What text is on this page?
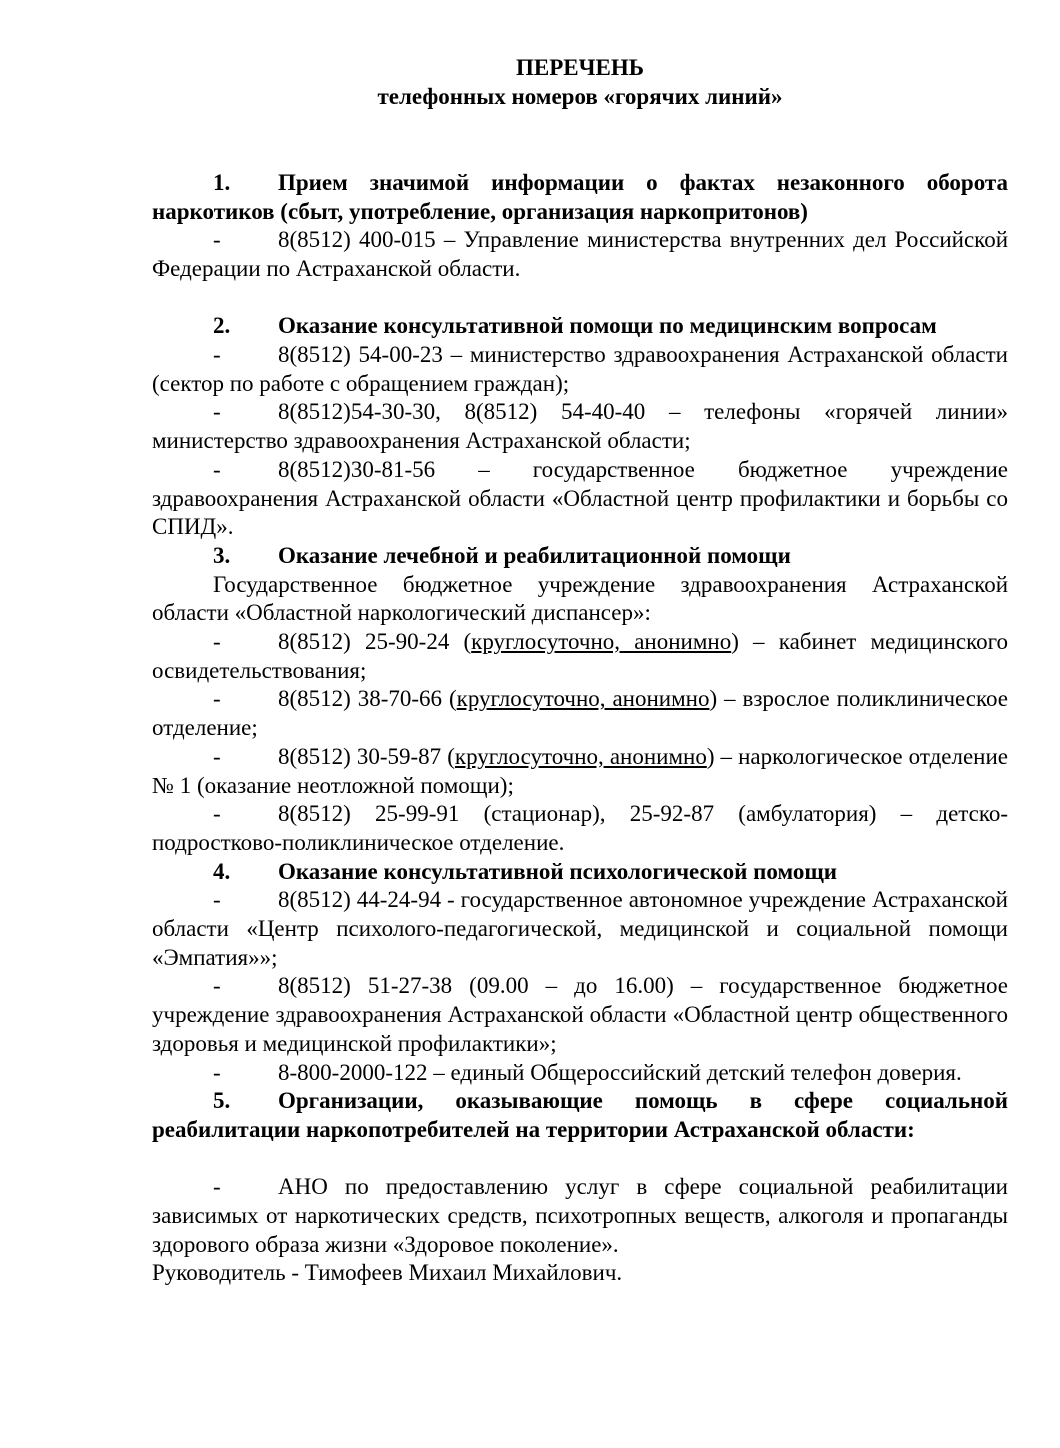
ПЕРЕЧЕНЬ

телефонных номеров «горячих линий»

1. Прием значимой информации о фактах незаконного оборота наркотиков (сбыт, употребление, организация наркопритонов)

- 8(8512) 400-015 – Управление министерства внутренних дел Российской Федерации по Астраханской области.

2. Оказание консультативной помощи по медицинским вопросам

- 8(8512) 54-00-23 – министерство здравоохранения Астраханской области (сектор по работе с обращением граждан);

- 8(8512)54-30-30, 8(8512) 54-40-40 – телефоны «горячей линии» министерство здравоохранения Астраханской области;

- 8(8512)30-81-56 – государственное бюджетное учреждение здравоохранения Астраханской области «Областной центр профилактики и борьбы со СПИД».

3. Оказание лечебной и реабилитационной помощи

Государственное бюджетное учреждение здравоохранения Астраханской области «Областной наркологический диспансер»:

- 8(8512) 25-90-24 (круглосуточно, анонимно) – кабинет медицинского освидетельствования;

- 8(8512) 38-70-66 (круглосуточно, анонимно) – взрослое поликлиническое отделение;

- 8(8512) 30-59-87 (круглосуточно, анонимно) – наркологическое отделение № 1 (оказание неотложной помощи);

- 8(8512) 25-99-91 (стационар), 25-92-87 (амбулатория) – детско-подростково-поликлиническое отделение.

4. Оказание консультативной психологической помощи

- 8(8512) 44-24-94 - государственное автономное учреждение Астраханской области «Центр психолого-педагогической, медицинской и социальной помощи «Эмпатия»»;

- 8(8512) 51-27-38 (09.00 – до 16.00) – государственное бюджетное учреждение здравоохранения Астраханской области «Областной центр общественного здоровья и медицинской профилактики»;

- 8-800-2000-122 – единый Общероссийский детский телефон доверия.

5. Организации, оказывающие помощь в сфере социальной реабилитации наркопотребителей на территории Астраханской области:

- АНО по предоставлению услуг в сфере социальной реабилитации зависимых от наркотических средств, психотропных веществ, алкоголя и пропаганды здорового образа жизни «Здоровое поколение».

Руководитель - Тимофеев Михаил Михайлович.
